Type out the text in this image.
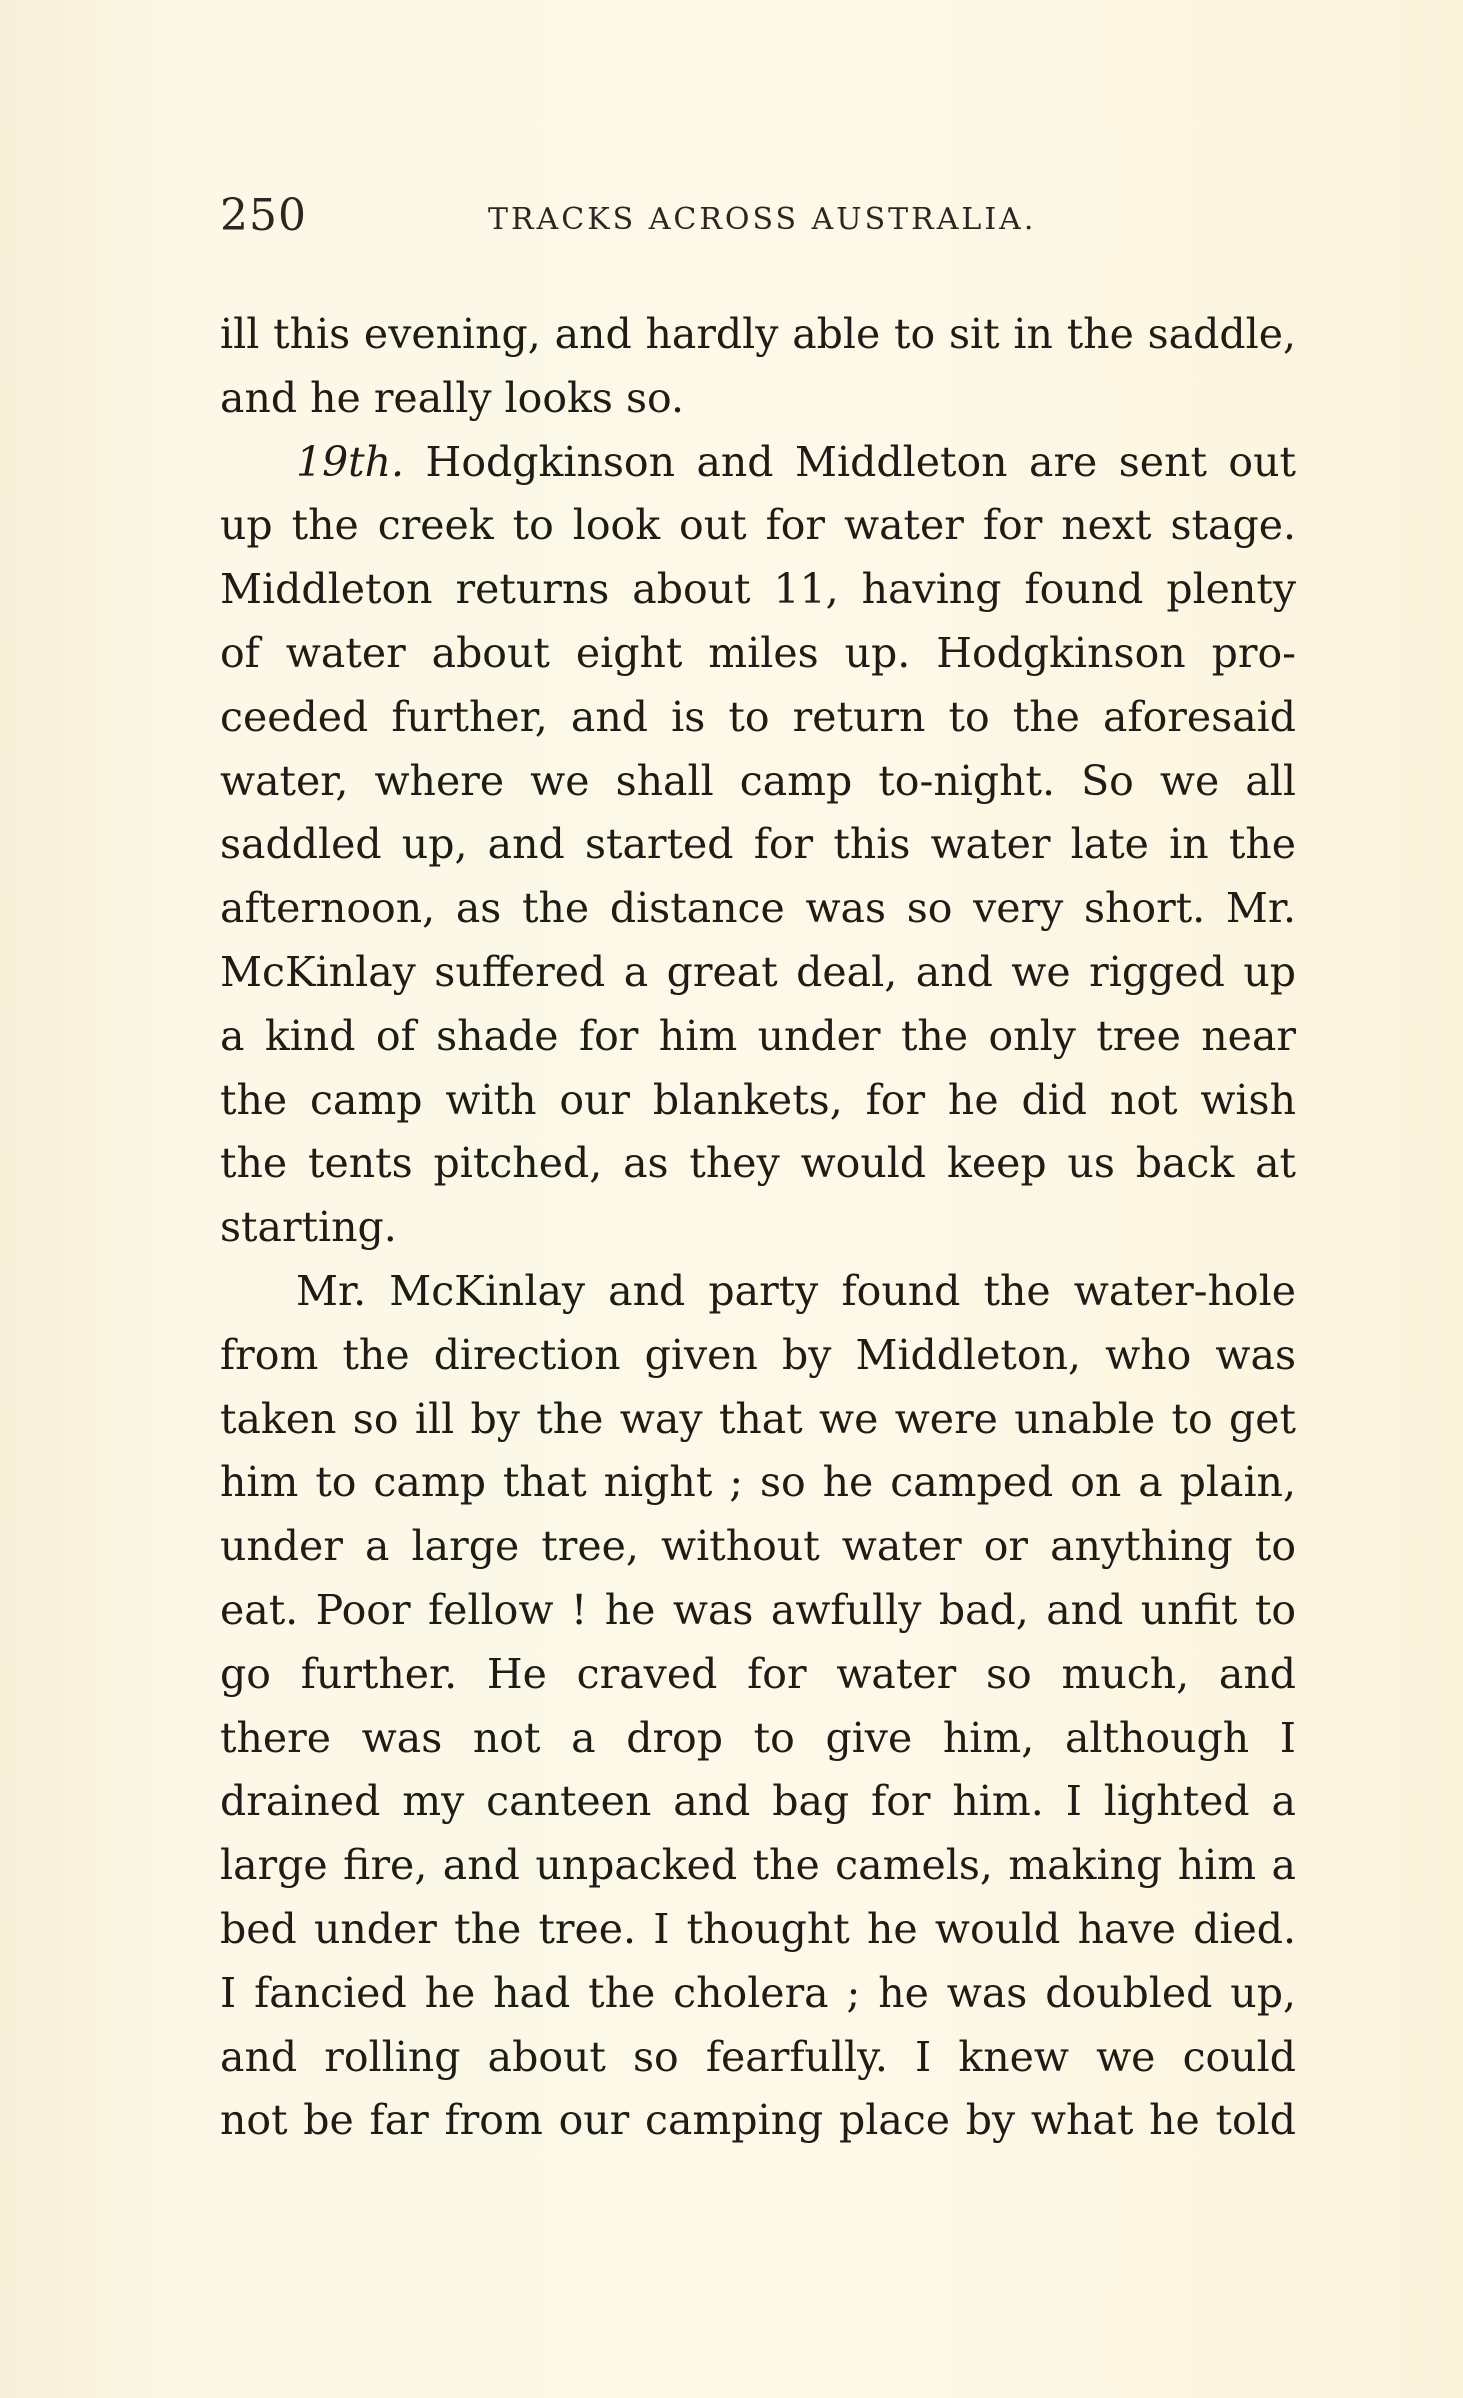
250	TRACKS ACROSS AUSTRALIA.
ill this evening, and hardly able to sit in the saddle,
and he really looks so.
19th. Hodgkinson and Middleton are sent out
up the creek to look out for water for next stage.
Middleton returns about 11, having found plenty
of water about eight miles up. Hodgkinson pro-
ceeded further, and is to return to the aforesaid
water, where we shall camp to-night. So we all
saddled up, and started for this water late in the
afternoon, as the distance was so very short. Mr.
McKinlay suffered a great deal, and we rigged up
a kind of shade for him under the only tree near
the camp with our blankets, for he did not wish
the tents pitched, as they would keep us back at
starting.
Mr. McKinlay and party found the water-hole
from the direction given by Middleton, who was
taken so ill by the way that we were unable to get
him to camp that night ; so he camped on a plain,
under a large tree, without water or anything to
eat. Poor fellow ! he was awfully bad, and unfit to
go further. He craved for water so much, and
there was not a drop to give him, although I
drained my canteen and bag for him. I lighted a
large fire, and unpacked the camels, making him a
bed under the tree. I thought he would have died.
I fancied he had the cholera ; he was doubled up,
and rolling about so fearfully. I knew we could
not be far from our camping place by what he told
